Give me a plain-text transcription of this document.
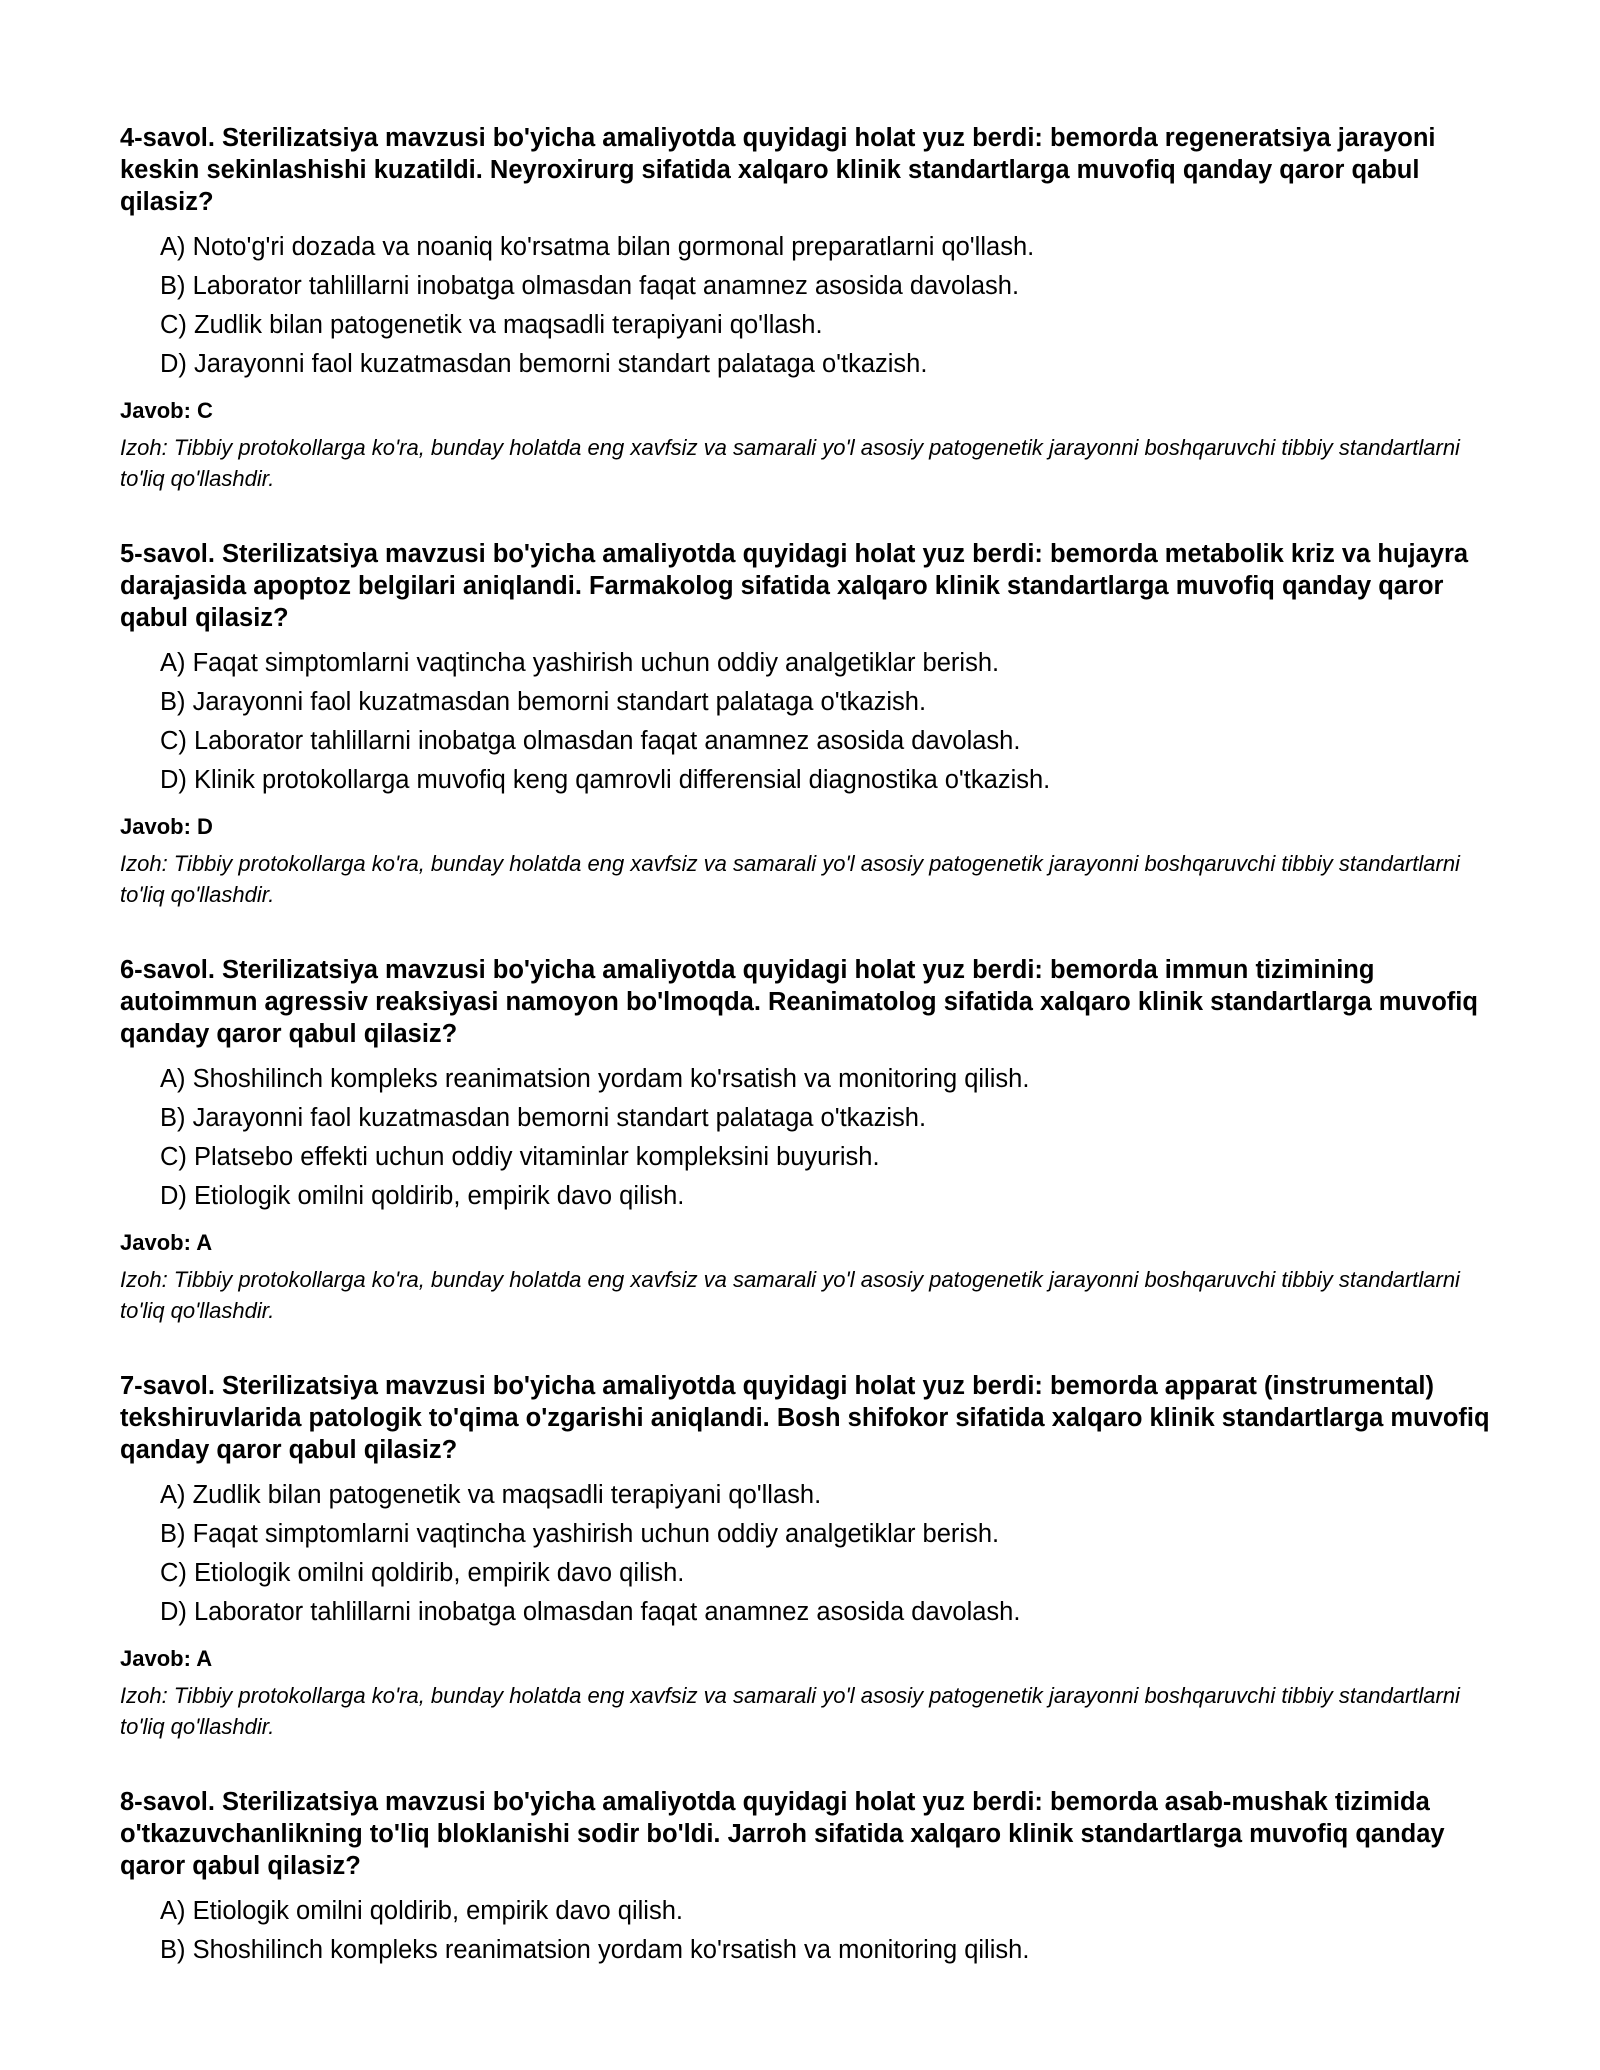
4-savol. Sterilizatsiya mavzusi bo'yicha amaliyotda quyidagi holat yuz berdi: bemorda regeneratsiya jarayoni keskin sekinlashishi kuzatildi. Neyroxirurg sifatida xalqaro klinik standartlarga muvofiq qanday qaror qabul qilasiz?
A) Noto'g'ri dozada va noaniq ko'rsatma bilan gormonal preparatlarni qo'llash.
B) Laborator tahlillarni inobatga olmasdan faqat anamnez asosida davolash.
C) Zudlik bilan patogenetik va maqsadli terapiyani qo'llash.
D) Jarayonni faol kuzatmasdan bemorni standart palataga o'tkazish.
Javob: C
Izoh: Tibbiy protokollarga ko'ra, bunday holatda eng xavfsiz va samarali yo'l asosiy patogenetik jarayonni boshqaruvchi tibbiy standartlarni to'liq qo'llashdir.
5-savol. Sterilizatsiya mavzusi bo'yicha amaliyotda quyidagi holat yuz berdi: bemorda metabolik kriz va hujayra darajasida apoptoz belgilari aniqlandi. Farmakolog sifatida xalqaro klinik standartlarga muvofiq qanday qaror qabul qilasiz?
A) Faqat simptomlarni vaqtincha yashirish uchun oddiy analgetiklar berish.
B) Jarayonni faol kuzatmasdan bemorni standart palataga o'tkazish.
C) Laborator tahlillarni inobatga olmasdan faqat anamnez asosida davolash.
D) Klinik protokollarga muvofiq keng qamrovli differensial diagnostika o'tkazish.
Javob: D
Izoh: Tibbiy protokollarga ko'ra, bunday holatda eng xavfsiz va samarali yo'l asosiy patogenetik jarayonni boshqaruvchi tibbiy standartlarni to'liq qo'llashdir.
6-savol. Sterilizatsiya mavzusi bo'yicha amaliyotda quyidagi holat yuz berdi: bemorda immun tizimining autoimmun agressiv reaksiyasi namoyon bo'lmoqda. Reanimatolog sifatida xalqaro klinik standartlarga muvofiq qanday qaror qabul qilasiz?
A) Shoshilinch kompleks reanimatsion yordam ko'rsatish va monitoring qilish.
B) Jarayonni faol kuzatmasdan bemorni standart palataga o'tkazish.
C) Platsebo effekti uchun oddiy vitaminlar kompleksini buyurish.
D) Etiologik omilni qoldirib, empirik davo qilish.
Javob: A
Izoh: Tibbiy protokollarga ko'ra, bunday holatda eng xavfsiz va samarali yo'l asosiy patogenetik jarayonni boshqaruvchi tibbiy standartlarni to'liq qo'llashdir.
7-savol. Sterilizatsiya mavzusi bo'yicha amaliyotda quyidagi holat yuz berdi: bemorda apparat (instrumental) tekshiruvlarida patologik to'qima o'zgarishi aniqlandi. Bosh shifokor sifatida xalqaro klinik standartlarga muvofiq qanday qaror qabul qilasiz?
A) Zudlik bilan patogenetik va maqsadli terapiyani qo'llash.
B) Faqat simptomlarni vaqtincha yashirish uchun oddiy analgetiklar berish.
C) Etiologik omilni qoldirib, empirik davo qilish.
D) Laborator tahlillarni inobatga olmasdan faqat anamnez asosida davolash.
Javob: A
Izoh: Tibbiy protokollarga ko'ra, bunday holatda eng xavfsiz va samarali yo'l asosiy patogenetik jarayonni boshqaruvchi tibbiy standartlarni to'liq qo'llashdir.
8-savol. Sterilizatsiya mavzusi bo'yicha amaliyotda quyidagi holat yuz berdi: bemorda asab-mushak tizimida o'tkazuvchanlikning to'liq bloklanishi sodir bo'ldi. Jarroh sifatida xalqaro klinik standartlarga muvofiq qanday qaror qabul qilasiz?
A) Etiologik omilni qoldirib, empirik davo qilish.
B) Shoshilinch kompleks reanimatsion yordam ko'rsatish va monitoring qilish.
